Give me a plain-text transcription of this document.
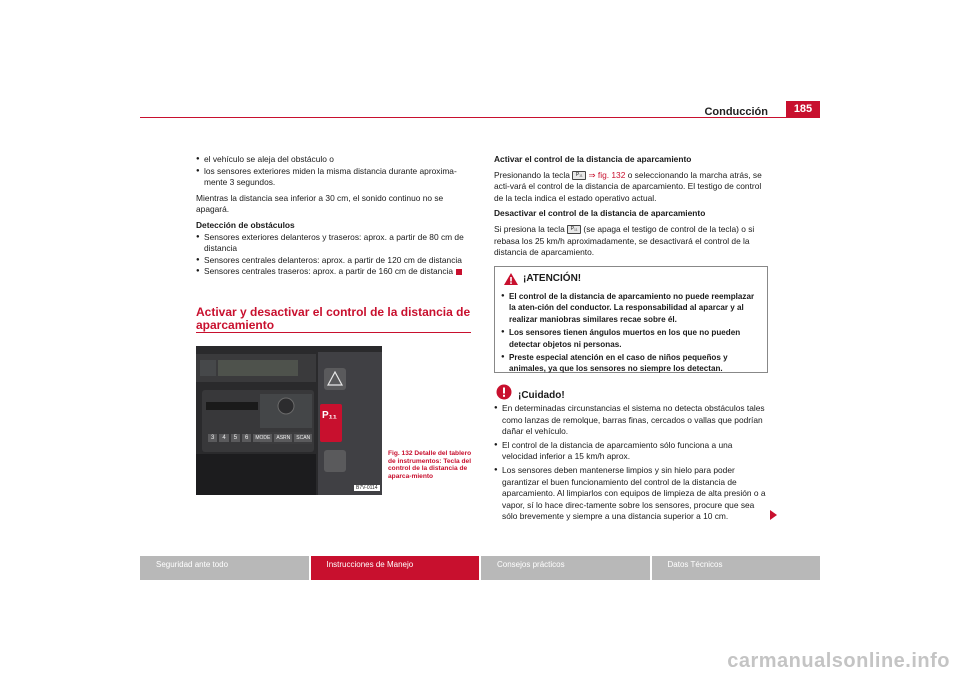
Conducción	185
● el vehículo se aleja del obstáculo o
● los sensores exteriores miden la misma distancia durante aproxima-mente 3 segundos.
Mientras la distancia sea inferior a 30 cm, el sonido continuo no se apagará.
Detección de obstáculos
● Sensores exteriores delanteros y traseros: aprox. a partir de 80 cm de distancia
● Sensores centrales delanteros: aprox. a partir de 120 cm de distancia
● Sensores centrales traseros: aprox. a partir de 160 cm de distancia
Activar y desactivar el control de la distancia de aparcamiento
P₁₁
3	4	5	6	MODE	ASRN	SCAN
B7V-0114
Fig. 132 Detalle del tablero de instrumentos: Tecla del control de la distancia de aparca-miento
Activar el control de la distancia de aparcamiento
Presionando la tecla P₁₁ ⇒ fig. 132 o seleccionando la marcha atrás, se acti-vará el control de la distancia de aparcamiento. El testigo de control de la tecla indica el estado operativo actual.
Desactivar el control de la distancia de aparcamiento
Si presiona la tecla P₁₁ (se apaga el testigo de control de la tecla) o si rebasa los 25 km/h aproximadamente, se desactivará el control de la distancia de aparcamiento.
¡ATENCIÓN!
● El control de la distancia de aparcamiento no puede reemplazar la aten-ción del conductor. La responsabilidad al aparcar y al realizar maniobras similares recae sobre él.
● Los sensores tienen ángulos muertos en los que no pueden detectar objetos ni personas.
● Preste especial atención en el caso de niños pequeños y animales, ya que los sensores no siempre los detectan.
¡Cuidado!
● En determinadas circunstancias el sistema no detecta obstáculos tales como lanzas de remolque, barras finas, cercados o vallas que podrían dañar el vehículo.
● El control de la distancia de aparcamiento sólo funciona a una velocidad inferior a 15 km/h aprox.
● Los sensores deben mantenerse limpios y sin hielo para poder garantizar el buen funcionamiento del control de la distancia de aparcamiento. Al limpiarlos con equipos de limpieza de alta presión o a vapor, sí lo hace direc-tamente sobre los sensores, procure que sea sólo brevemente y siempre a una distancia superior a 10 cm.
Seguridad ante todo	Instrucciones de Manejo	Consejos prácticos	Datos Técnicos
carmanualsonline.info
